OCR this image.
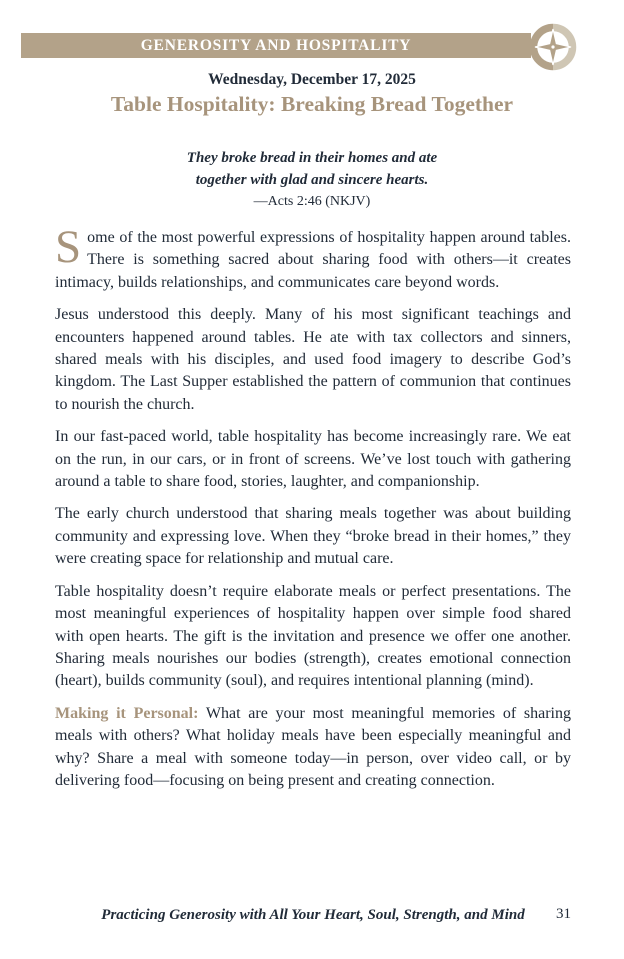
GENEROSITY AND HOSPITALITY
Wednesday, December 17, 2025
Table Hospitality: Breaking Bread Together
They broke bread in their homes and ate
together with glad and sincere hearts.
—Acts 2:46 (NKJV)

Some of the most powerful expressions of hospitality happen around tables. There is something sacred about sharing food with others—it creates intimacy, builds relationships, and communicates care beyond words.

Jesus understood this deeply. Many of his most significant teachings and encounters happened around tables. He ate with tax collectors and sinners, shared meals with his disciples, and used food imagery to describe God’s kingdom. The Last Supper established the pattern of communion that continues to nourish the church.

In our fast-paced world, table hospitality has become increasingly rare. We eat on the run, in our cars, or in front of screens. We’ve lost touch with gathering around a table to share food, stories, laughter, and companionship.

The early church understood that sharing meals together was about building community and expressing love. When they “broke bread in their homes,” they were creating space for relationship and mutual care.

Table hospitality doesn’t require elaborate meals or perfect presentations. The most meaningful experiences of hospitality happen over simple food shared with open hearts. The gift is the invitation and presence we offer one another. Sharing meals nourishes our bodies (strength), creates emotional connection (heart), builds community (soul), and requires intentional planning (mind).

Making it Personal: What are your most meaningful memories of sharing meals with others? What holiday meals have been especially meaningful and why? Share a meal with someone today—in person, over video call, or by delivering food—focusing on being present and creating connection.

Practicing Generosity with All Your Heart, Soul, Strength, and Mind 31
